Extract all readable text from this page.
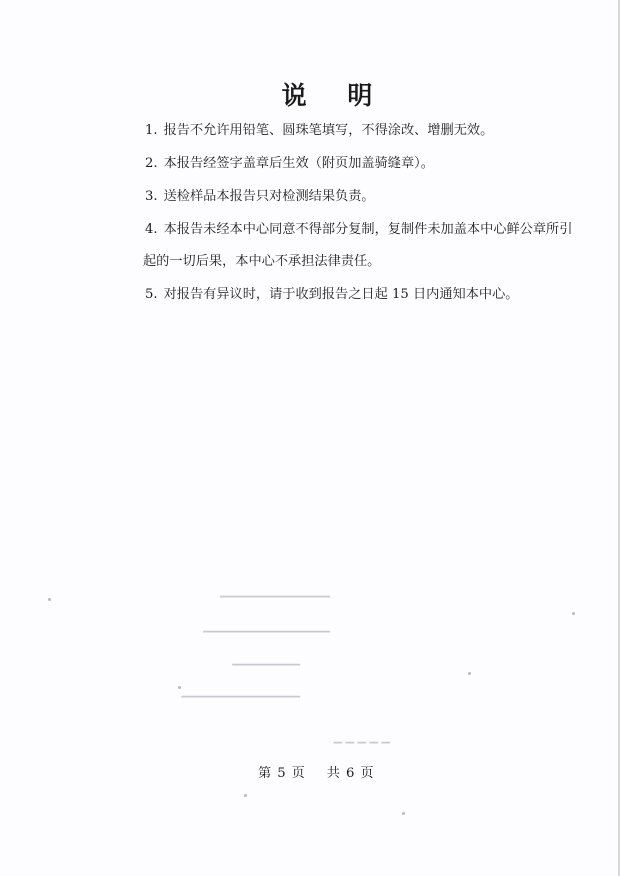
说 明
1. 报告不允许用铅笔、圆珠笔填写，不得涂改、增删无效。
2. 本报告经签字盖章后生效（附页加盖骑缝章）。
3. 送检样品本报告只对检测结果负责。
4. 本报告未经本中心同意不得部分复制，复制件未加盖本中心鲜公章所引
起的一切后果，本中心不承担法律责任。
5. 对报告有异议时，请于收到报告之日起 15 日内通知本中心。
▔▔▔▔▔▔▔▔▔▔▔▔▔
▔▔▔▔▔▔▔▔▔▔▔▔▔▔▔
▔▔▔▔▔▔▔▔
▔▔▔▔▔▔▔▔▔▔▔▔▔▔
▔ ▔ ▔ ▔ ▔
第 5 页 共 6 页
